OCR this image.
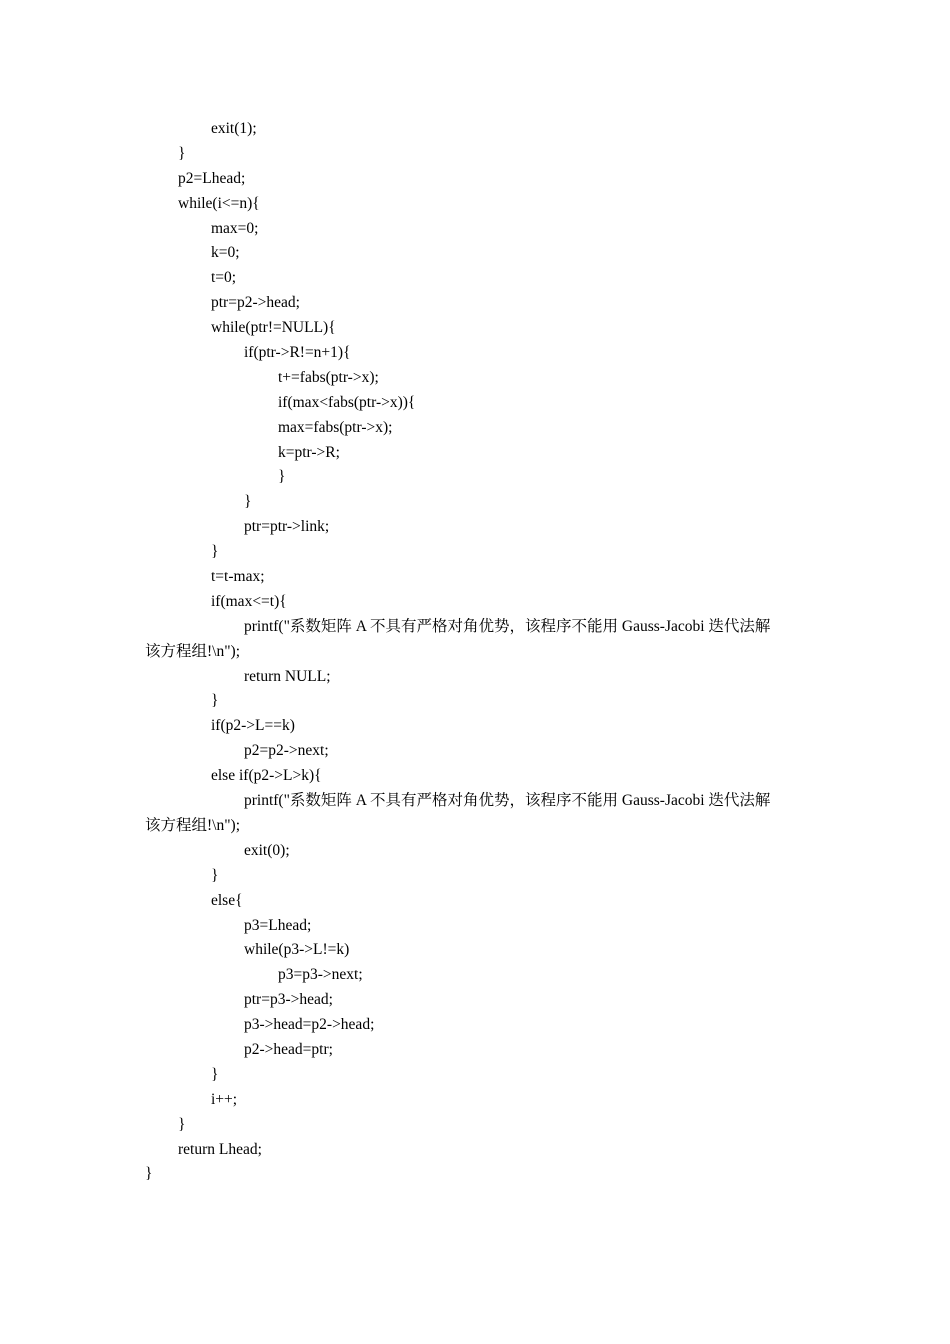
exit(1);
}
p2=Lhead;
while(i<=n){
max=0;
k=0;
t=0;
ptr=p2->head;
while(ptr!=NULL){
if(ptr->R!=n+1){
t+=fabs(ptr->x);
if(max<fabs(ptr->x)){
max=fabs(ptr->x);
k=ptr->R;
}
}
ptr=ptr->link;
}
t=t-max;
if(max<=t){
printf("系数矩阵 A 不具有严格对角优势，该程序不能用 Gauss-Jacobi 迭代法解
该方程组!\n");
return NULL;
}
if(p2->L==k)
p2=p2->next;
else if(p2->L>k){
printf("系数矩阵 A 不具有严格对角优势，该程序不能用 Gauss-Jacobi 迭代法解
该方程组!\n");
exit(0);
}
else{
p3=Lhead;
while(p3->L!=k)
p3=p3->next;
ptr=p3->head;
p3->head=p2->head;
p2->head=ptr;
}
i++;
}
return Lhead;
}
